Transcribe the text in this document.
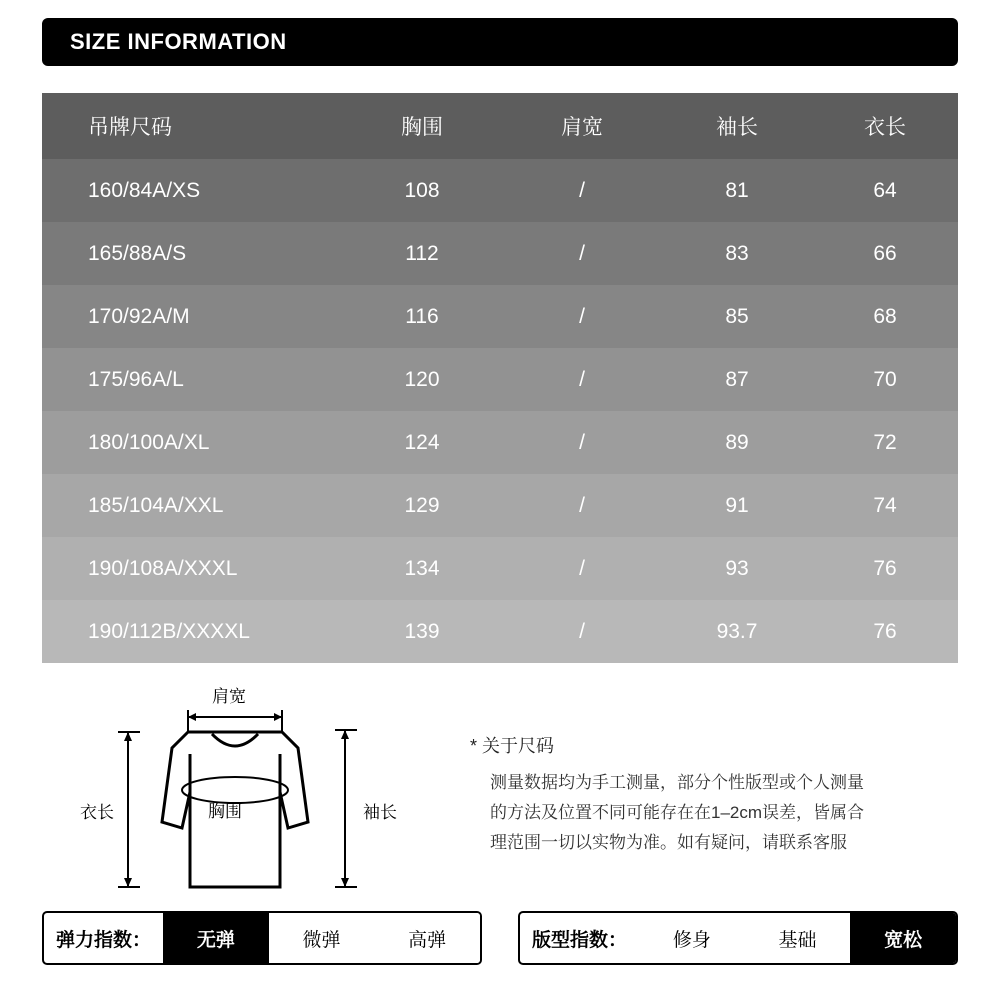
SIZE INFORMATION
吊牌尺码	胸围	肩宽	袖长	衣长
160/84A/XS	108	/	81	64
165/88A/S	112	/	83	66
170/92A/M	116	/	85	68
175/96A/L	120	/	87	70
180/100A/XL	124	/	89	72
185/104A/XXL	129	/	91	74
190/108A/XXXL	134	/	93	76
190/112B/XXXXL	139	/	93.7	76
肩宽
胸围
衣长	袖长
* 关于尺码
测量数据均为手工测量，部分个性版型或个人测量
的方法及位置不同可能存在在1–2cm误差，皆属合
理范围一切以实物为准。如有疑问，请联系客服
弹力指数：	无弹	微弹	高弹	版型指数：	修身	基础	宽松
